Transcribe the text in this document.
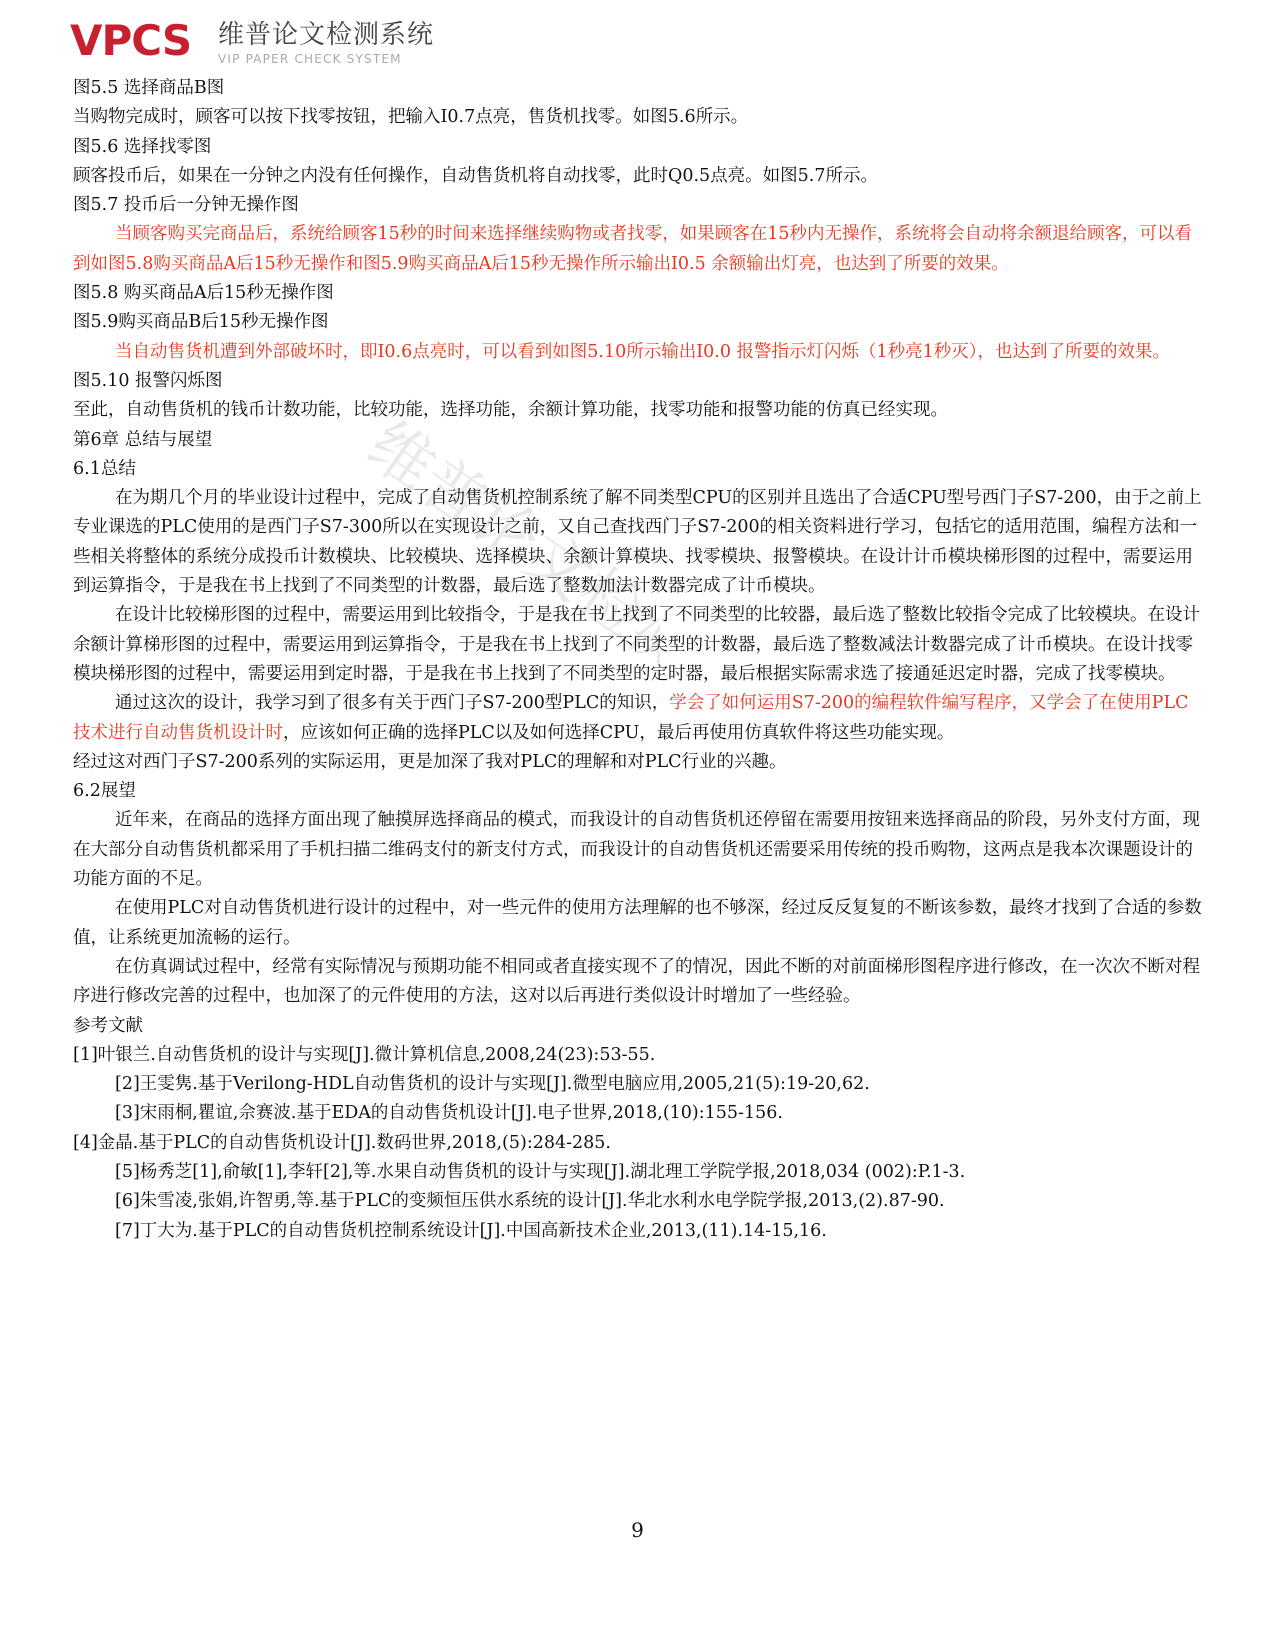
VPCS 维普论文检测系统
VIP PAPER CHECK SYSTEM
维普论文检测

图5.5 选择商品B图

当购物完成时，顾客可以按下找零按钮，把输入I0.7点亮，售货机找零。如图5.6所示。

图5.6 选择找零图

顾客投币后，如果在一分钟之内没有任何操作，自动售货机将自动找零，此时Q0.5点亮。如图5.7所示。

图5.7 投币后一分钟无操作图

当顾客购买完商品后，系统给顾客15秒的时间来选择继续购物或者找零，如果顾客在15秒内无操作，系统将会自动将余额退给顾客，可以看到如图5.8购买商品A后15秒无操作和图5.9购买商品A后15秒无操作所示输出I0.5 余额输出灯亮，也达到了所要的效果。

图5.8 购买商品A后15秒无操作图

图5.9购买商品B后15秒无操作图

当自动售货机遭到外部破坏时，即I0.6点亮时，可以看到如图5.10所示输出I0.0 报警指示灯闪烁（1秒亮1秒灭），也达到了所要的效果。

图5.10 报警闪烁图

至此，自动售货机的钱币计数功能，比较功能，选择功能，余额计算功能，找零功能和报警功能的仿真已经实现。

第6章 总结与展望

6.1总结

在为期几个月的毕业设计过程中，完成了自动售货机控制系统了解不同类型CPU的区别并且选出了合适CPU型号西门子S7-200，由于之前上专业课选的PLC使用的是西门子S7-300所以在实现设计之前，又自己查找西门子S7-200的相关资料进行学习，包括它的适用范围，编程方法和一些相关将整体的系统分成投币计数模块、比较模块、选择模块、余额计算模块、找零模块、报警模块。在设计计币模块梯形图的过程中，需要运用到运算指令，于是我在书上找到了不同类型的计数器，最后选了整数加法计数器完成了计币模块。

在设计比较梯形图的过程中，需要运用到比较指令，于是我在书上找到了不同类型的比较器，最后选了整数比较指令完成了比较模块。在设计余额计算梯形图的过程中，需要运用到运算指令，于是我在书上找到了不同类型的计数器，最后选了整数减法计数器完成了计币模块。在设计找零模块梯形图的过程中，需要运用到定时器，于是我在书上找到了不同类型的定时器，最后根据实际需求选了接通延迟定时器，完成了找零模块。

通过这次的设计，我学习到了很多有关于西门子S7-200型PLC的知识，学会了如何运用S7-200的编程软件编写程序，又学会了在使用PLC技术进行自动售货机设计时，应该如何正确的选择PLC以及如何选择CPU，最后再使用仿真软件将这些功能实现。

经过这对西门子S7-200系列的实际运用，更是加深了我对PLC的理解和对PLC行业的兴趣。

6.2展望

近年来，在商品的选择方面出现了触摸屏选择商品的模式，而我设计的自动售货机还停留在需要用按钮来选择商品的阶段，另外支付方面，现在大部分自动售货机都采用了手机扫描二维码支付的新支付方式，而我设计的自动售货机还需要采用传统的投币购物，这两点是我本次课题设计的功能方面的不足。

在使用PLC对自动售货机进行设计的过程中，对一些元件的使用方法理解的也不够深，经过反反复复的不断该参数，最终才找到了合适的参数值，让系统更加流畅的运行。

在仿真调试过程中，经常有实际情况与预期功能不相同或者直接实现不了的情况，因此不断的对前面梯形图程序进行修改，在一次次不断对程序进行修改完善的过程中，也加深了的元件使用的方法，这对以后再进行类似设计时增加了一些经验。

参考文献

[1]叶银兰.自动售货机的设计与实现[J].微计算机信息,2008,24(23):53-55.

[2]王雯隽.基于Verilong-HDL自动售货机的设计与实现[J].微型电脑应用,2005,21(5):19-20,62.

[3]宋雨桐,瞿谊,佘赛波.基于EDA的自动售货机设计[J].电子世界,2018,(10):155-156.

[4]金晶.基于PLC的自动售货机设计[J].数码世界,2018,(5):284-285.

[5]杨秀芝[1],俞敏[1],李轩[2],等.水果自动售货机的设计与实现[J].湖北理工学院学报,2018,034 (002):P.1-3.

[6]朱雪凌,张娟,许智勇,等.基于PLC的变频恒压供水系统的设计[J].华北水利水电学院学报,2013,(2).87-90.

[7]丁大为.基于PLC的自动售货机控制系统设计[J].中国高新技术企业,2013,(11).14-15,16.

9
